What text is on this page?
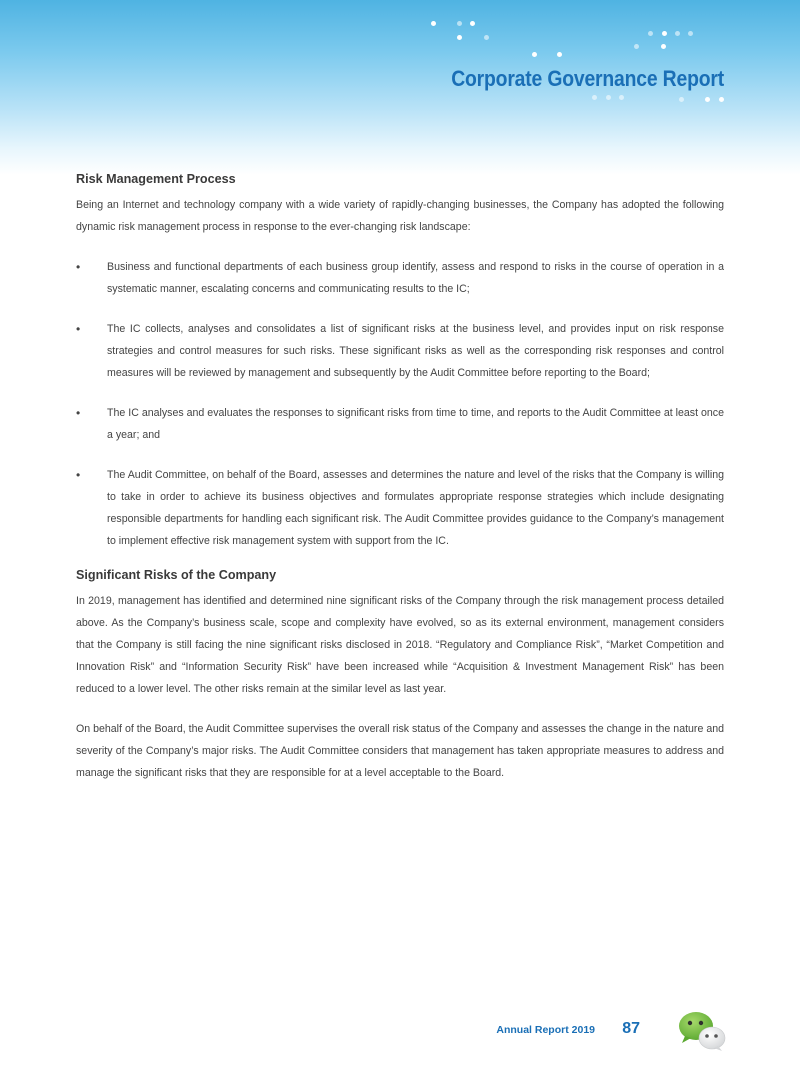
Corporate Governance Report
Risk Management Process

Being an Internet and technology company with a wide variety of rapidly-changing businesses, the Company has adopted the following dynamic risk management process in response to the ever-changing risk landscape:

•	Business and functional departments of each business group identify, assess and respond to risks in the course of operation in a systematic manner, escalating concerns and communicating results to the IC;
•	The IC collects, analyses and consolidates a list of significant risks at the business level, and provides input on risk response strategies and control measures for such risks. These significant risks as well as the corresponding risk responses and control measures will be reviewed by management and subsequently by the Audit Committee before reporting to the Board;
•	The IC analyses and evaluates the responses to significant risks from time to time, and reports to the Audit Committee at least once a year; and
•	The Audit Committee, on behalf of the Board, assesses and determines the nature and level of the risks that the Company is willing to take in order to achieve its business objectives and formulates appropriate response strategies which include designating responsible departments for handling each significant risk. The Audit Committee provides guidance to the Company’s management to implement effective risk management system with support from the IC.
Significant Risks of the Company

In 2019, management has identified and determined nine significant risks of the Company through the risk management process detailed above. As the Company’s business scale, scope and complexity have evolved, so as its external environment, management considers that the Company is still facing the nine significant risks disclosed in 2018. “Regulatory and Compliance Risk”, “Market Competition and Innovation Risk” and “Information Security Risk” have been increased while “Acquisition & Investment Management Risk” has been reduced to a lower level. The other risks remain at the similar level as last year.

On behalf of the Board, the Audit Committee supervises the overall risk status of the Company and assesses the change in the nature and severity of the Company’s major risks. The Audit Committee considers that management has taken appropriate measures to address and manage the significant risks that they are responsible for at a level acceptable to the Board.

Annual Report 2019 87
